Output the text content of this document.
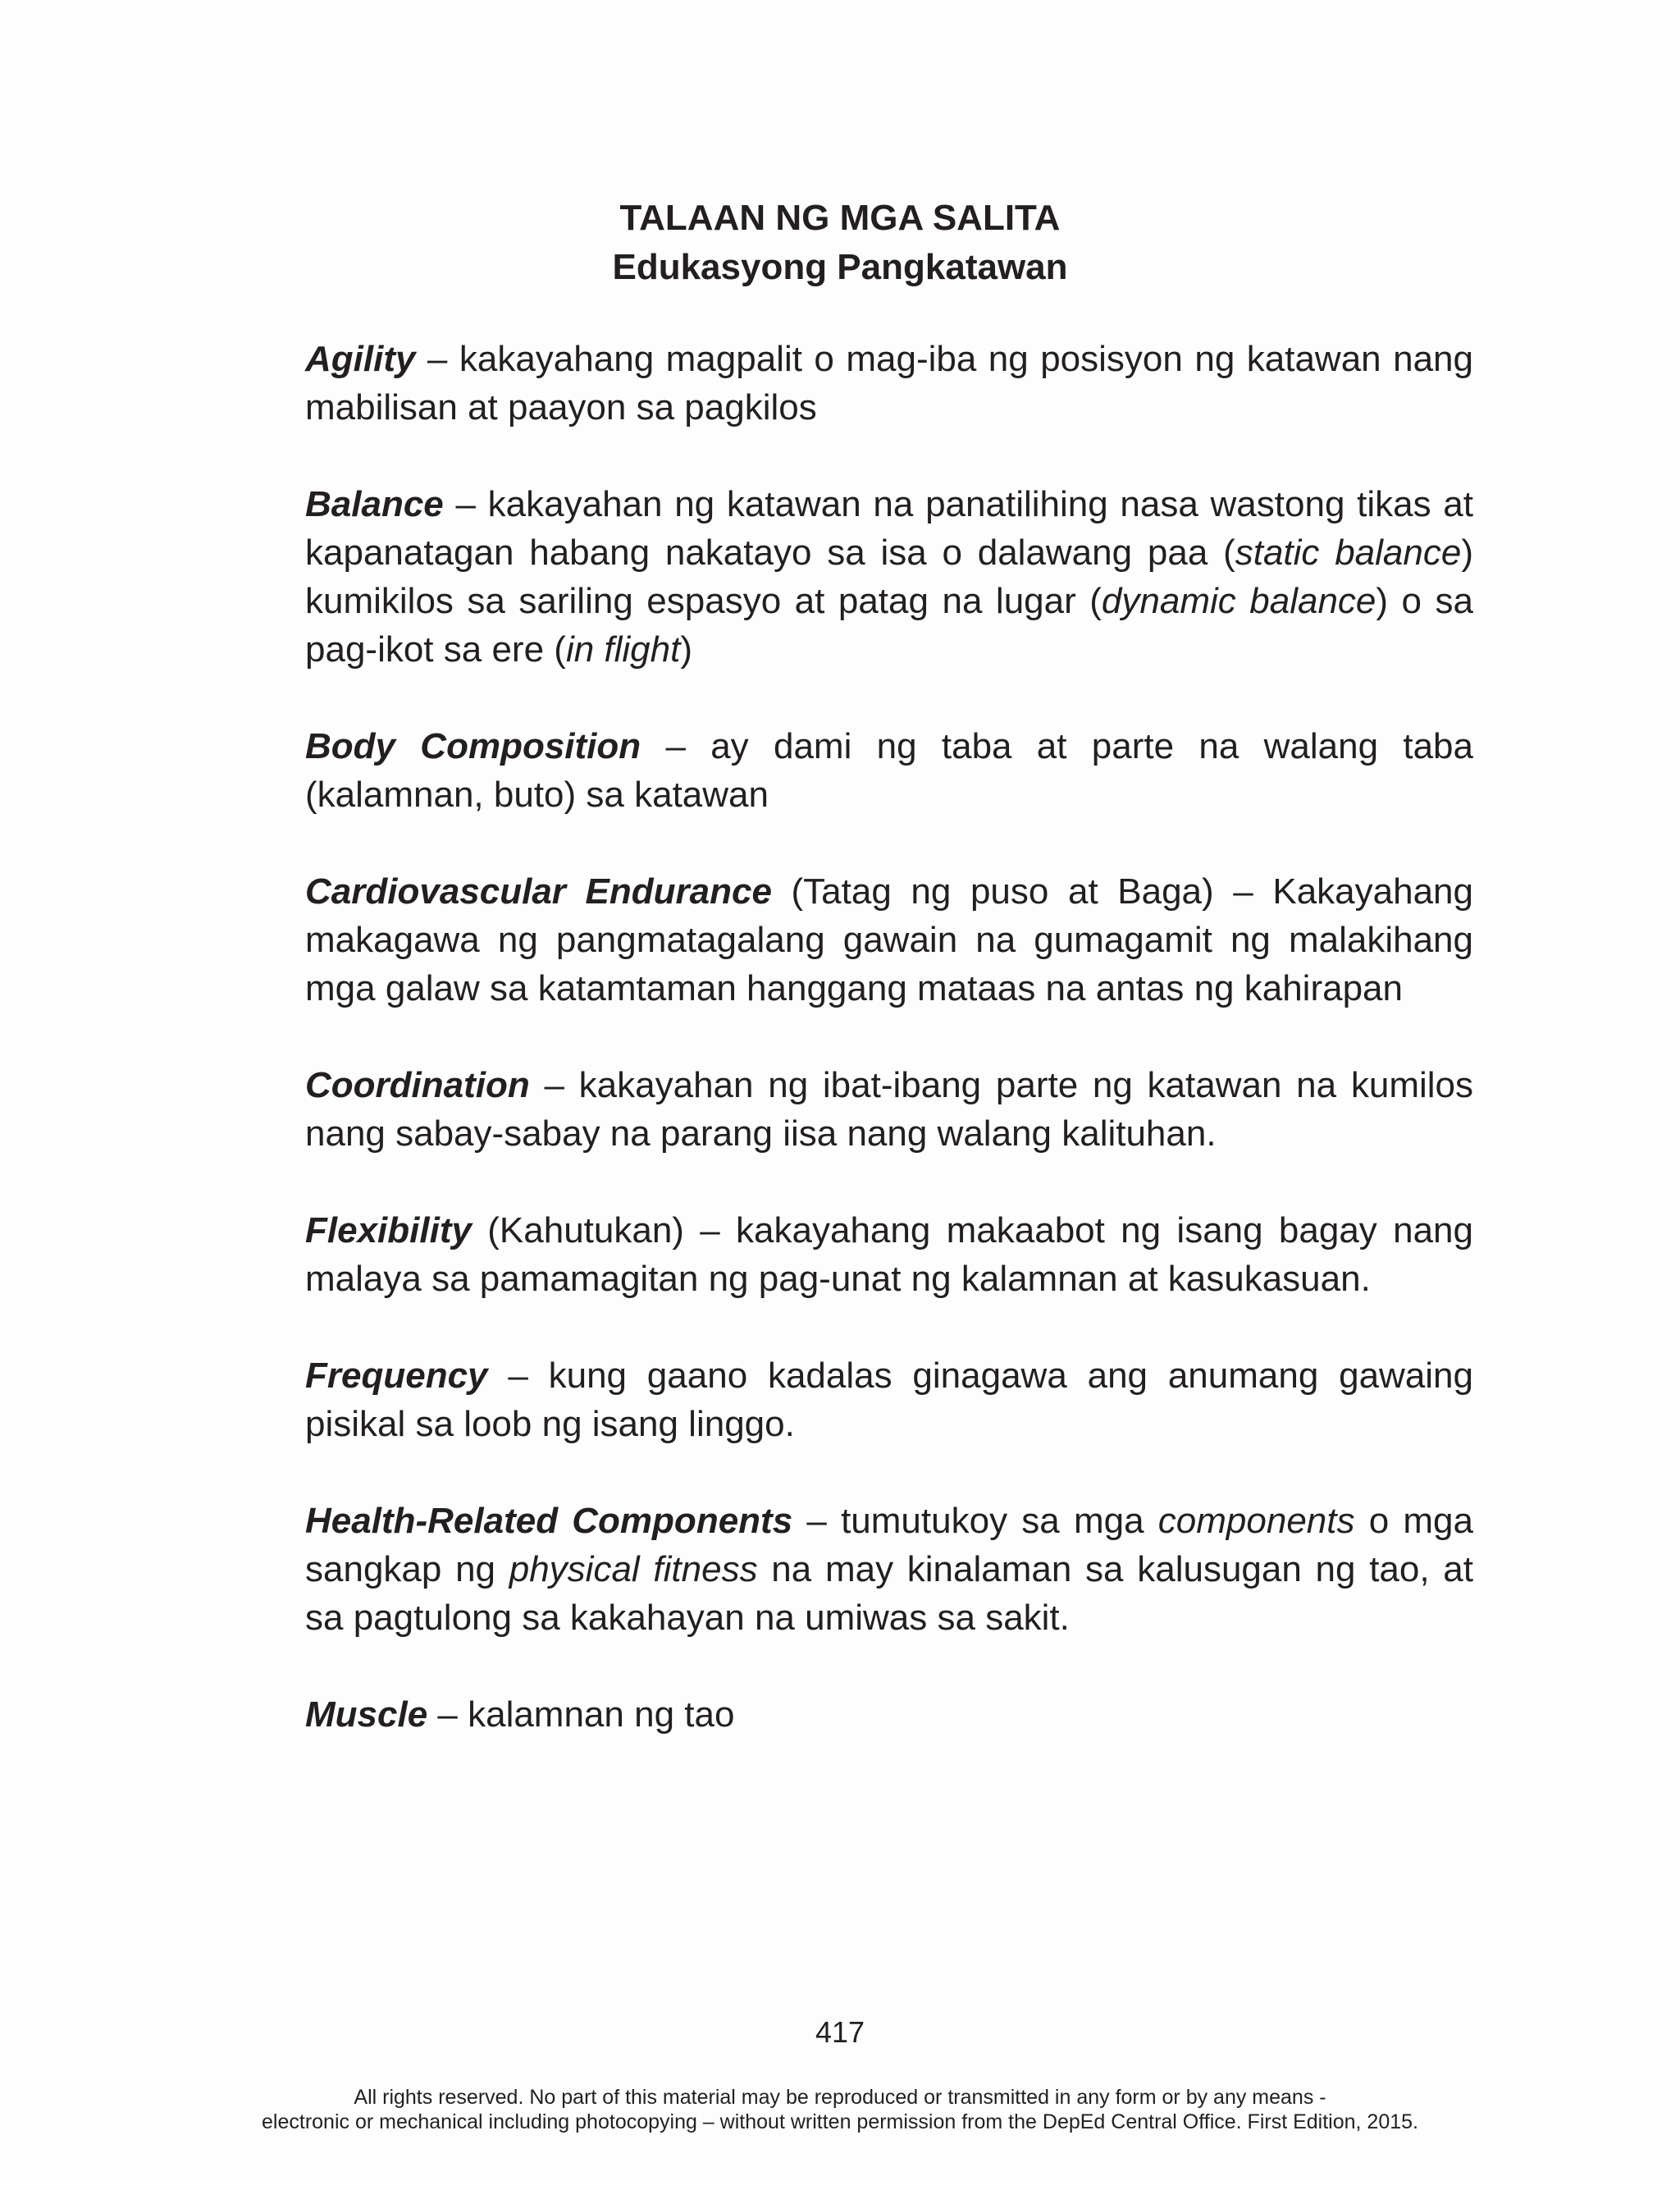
TALAAN NG MGA SALITA
Edukasyong Pangkatawan

Agility – kakayahang magpalit o mag-iba ng posisyon ng katawan nang mabilisan at paayon sa pagkilos

Balance – kakayahan ng katawan na panatilihing nasa wastong tikas at kapanatagan habang nakatayo sa isa o dalawang paa (static balance) kumikilos sa sariling espasyo at patag na lugar (dynamic balance) o sa pag-ikot sa ere (in flight)

Body Composition – ay dami ng taba at parte na walang taba (kalamnan, buto) sa katawan

Cardiovascular Endurance (Tatag ng puso at Baga) – Kakayahang makagawa ng pangmatagalang gawain na gumagamit ng malakihang mga galaw sa katamtaman hanggang mataas na antas ng kahirapan

Coordination – kakayahan ng ibat-ibang parte ng katawan na kumilos nang sabay-sabay na parang iisa nang walang kalituhan.

Flexibility (Kahutukan) – kakayahang makaabot ng isang bagay nang malaya sa pamamagitan ng pag-unat ng kalamnan at kasukasuan.

Frequency – kung gaano kadalas ginagawa ang anumang gawaing pisikal sa loob ng isang linggo.

Health-Related Components – tumutukoy sa mga components o mga sangkap ng physical fitness na may kinalaman sa kalusugan ng tao, at sa pagtulong sa kakahayan na umiwas sa sakit.

Muscle – kalamnan ng tao

417
All rights reserved. No part of this material may be reproduced or transmitted in any form or by any means -
electronic or mechanical including photocopying – without written permission from the DepEd Central Office. First Edition, 2015.
